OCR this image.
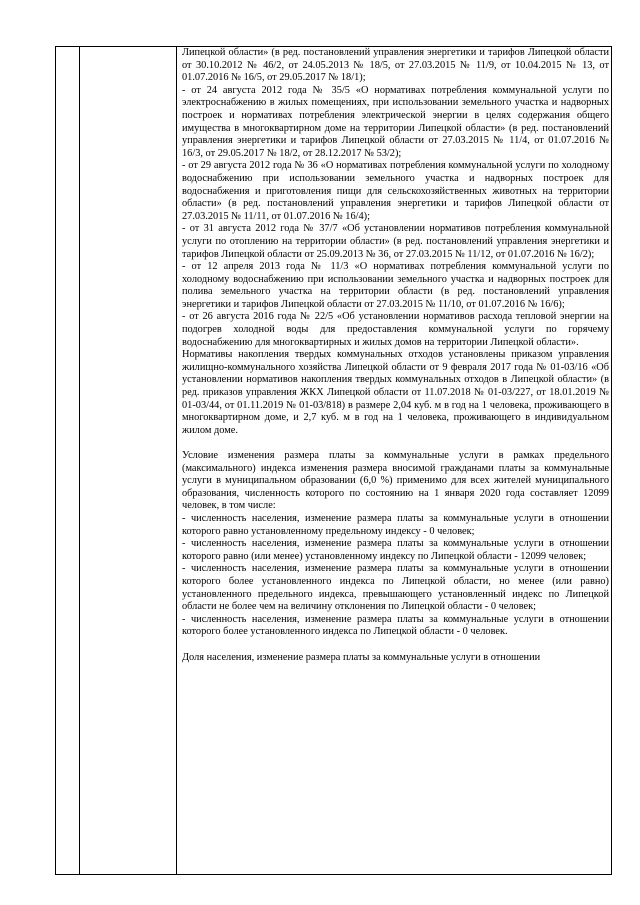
Липецкой области» (в ред. постановлений управления энергетики и тарифов Липецкой области от 30.10.2012 № 46/2, от 24.05.2013 № 18/5, от 27.03.2015 № 11/9, от 10.04.2015 № 13, от 01.07.2016 № 16/5, от 29.05.2017 № 18/1);

- от 24 августа 2012 года № 35/5 «О нормативах потребления коммунальной услуги по электроснабжению в жилых помещениях, при использовании земельного участка и надворных построек и нормативах потребления электрической энергии в целях содержания общего имущества в многоквартирном доме на территории Липецкой области» (в ред. постановлений управления энергетики и тарифов Липецкой области от 27.03.2015 № 11/4, от 01.07.2016 № 16/3, от 29.05.2017 № 18/2, от 28.12.2017 № 53/2);

- от 29 августа 2012 года № 36 «О нормативах потребления коммунальной услуги по холодному водоснабжению при использовании земельного участка и надворных построек для водоснабжения и приготовления пищи для сельскохозяйственных животных на территории области» (в ред. постановлений управления энергетики и тарифов Липецкой области от 27.03.2015 № 11/11, от 01.07.2016 № 16/4);

- от 31 августа 2012 года № 37/7 «Об установлении нормативов потребления коммунальной услуги по отоплению на территории области» (в ред. постановлений управления энергетики и тарифов Липецкой области от 25.09.2013 № 36, от 27.03.2015 № 11/12, от 01.07.2016 № 16/2);

- от 12 апреля 2013 года № 11/3 «О нормативах потребления коммунальной услуги по холодному водоснабжению при использовании земельного участка и надворных построек для полива земельного участка на территории области (в ред. постановлений управления энергетики и тарифов Липецкой области от 27.03.2015 № 11/10, от 01.07.2016 № 16/6);

- от 26 августа 2016 года № 22/5 «Об установлении нормативов расхода тепловой энергии на подогрев холодной воды для предоставления коммунальной услуги по горячему водоснабжению для многоквартирных и жилых домов на территории Липецкой области».

Нормативы накопления твердых коммунальных отходов установлены приказом управления жилищно-коммунального хозяйства Липецкой области от 9 февраля 2017 года № 01-03/16 «Об установлении нормативов накопления твердых коммунальных отходов в Липецкой области» (в ред. приказов управления ЖКХ Липецкой области от 11.07.2018 № 01-03/227, от 18.01.2019 № 01-03/44, от 01.11.2019 № 01-03/818) в размере 2,04 куб. м в год на 1 человека, проживающего в многоквартирном доме, и 2,7 куб. м в год на 1 человека, проживающего в индивидуальном жилом доме.

Условие изменения размера платы за коммунальные услуги в рамках предельного (максимального) индекса изменения размера вносимой гражданами платы за коммунальные услуги в муниципальном образовании (6,0 %) применимо для всех жителей муниципального образования, численность которого по состоянию на 1 января 2020 года составляет 12099 человек, в том числе:

- численность населения, изменение размера платы за коммунальные услуги в отношении которого равно установленному предельному индексу - 0 человек;

- численность населения, изменение размера платы за коммунальные услуги в отношении которого равно (или менее) установленному индексу по Липецкой области - 12099 человек;

- численность населения, изменение размера платы за коммунальные услуги в отношении которого более установленного индекса по Липецкой области, но менее (или равно) установленного предельного индекса, превышающего установленный индекс по Липецкой области не более чем на величину отклонения по Липецкой области - 0 человек;

- численность населения, изменение размера платы за коммунальные услуги в отношении которого более установленного индекса по Липецкой области - 0 человек.

Доля населения, изменение размера платы за коммунальные услуги в отношении
